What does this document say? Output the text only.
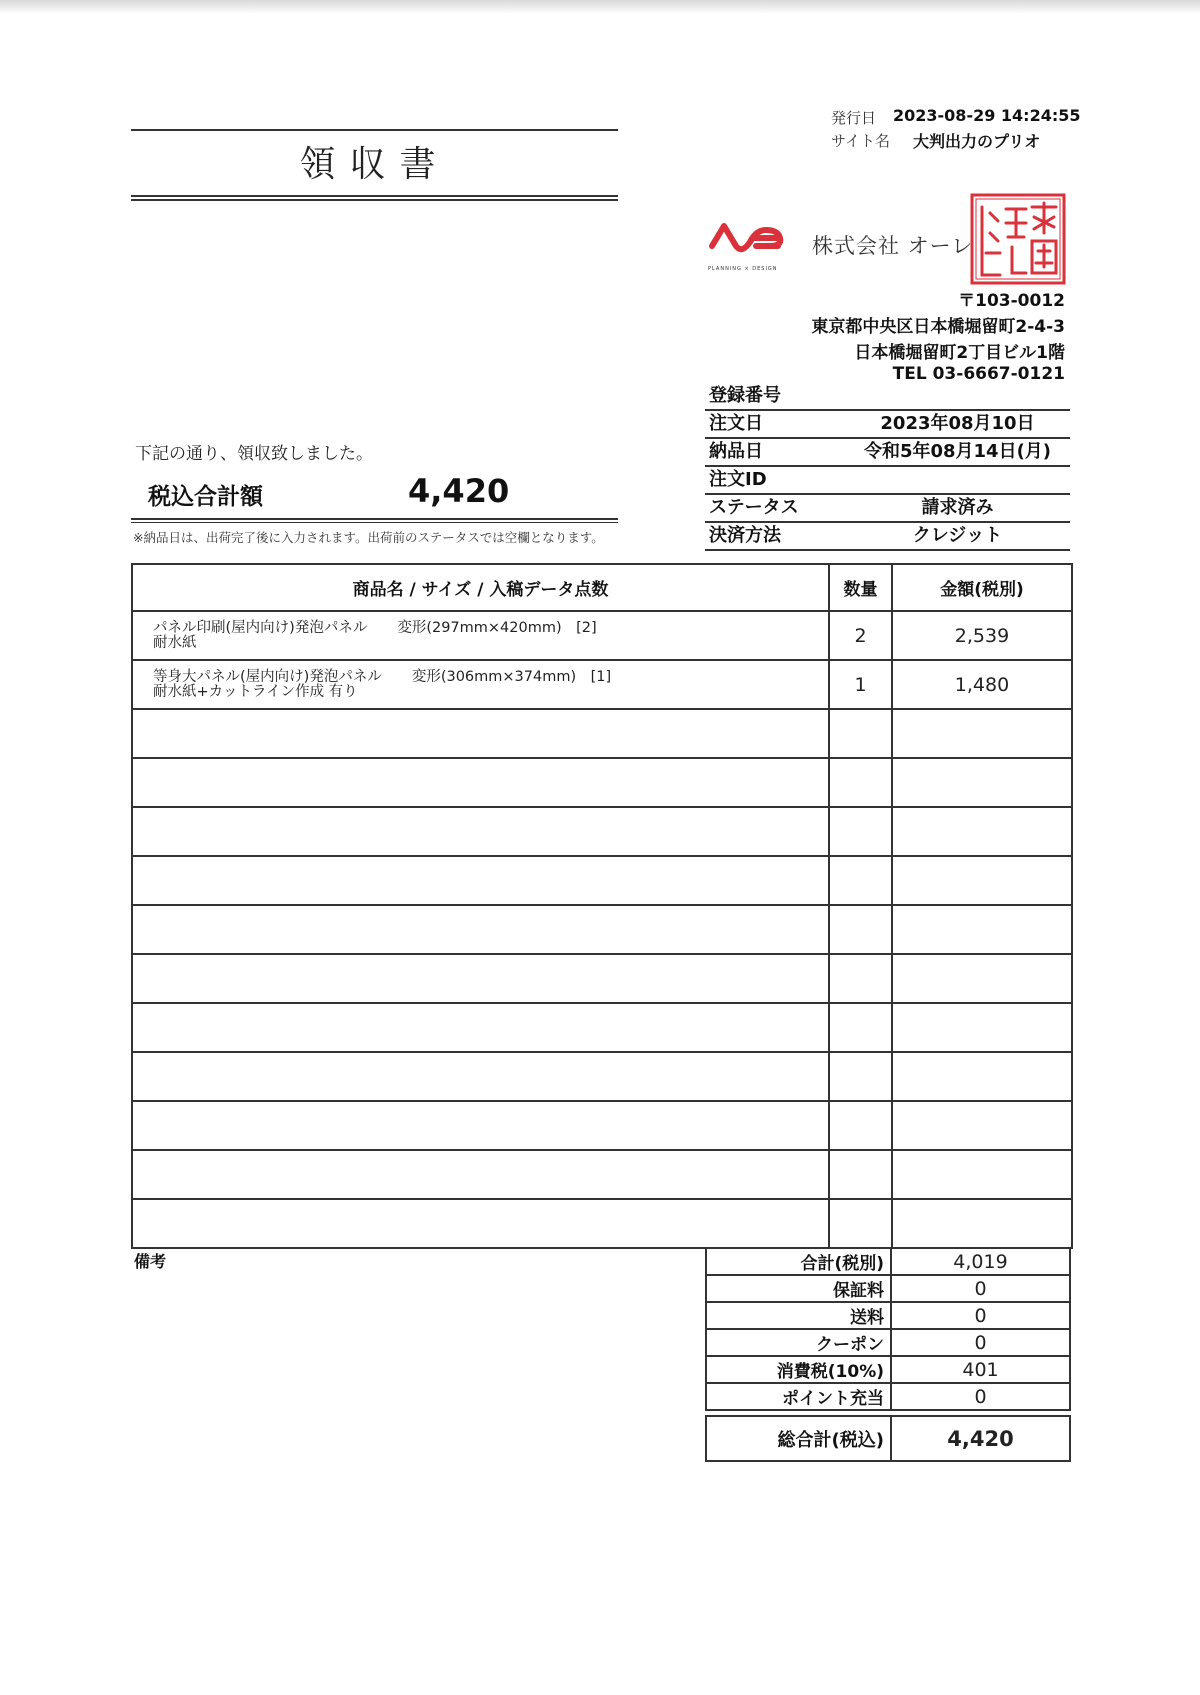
領収書
発行日 2023-08-29 14:24:55
サイト名 大判出力のプリオ
PLANNING × DESIGN
株式会社 オーレ
〒103-0012
東京都中央区日本橋堀留町2-4-3
日本橋堀留町2丁目ビル1階
TEL 03-6667-0121
登録番号
注文日	2023年08月10日
納品日	令和5年08月14日(月)
注文ID
ステータス	請求済み
決済方法	クレジット
下記の通り、領収致しました。
税込合計額	4,420
※納品日は、出荷完了後に入力されます。出荷前のステータスでは空欄となります。
商品名 / サイズ / 入稿データ点数	数量	金額(税別)
パネル印刷(屋内向け)発泡パネル 変形(297mm×420mm)　[2]
耐水紙	2	2,539
等身大パネル(屋内向け)発泡パネル 変形(306mm×374mm)　[1]
耐水紙+カットライン作成 有り	1	1,480

備考	合計(税別)	4,019
保証料	0
送料	0
クーポン	0
消費税(10%)	401
ポイント充当	0

総合計(税込)	4,420
